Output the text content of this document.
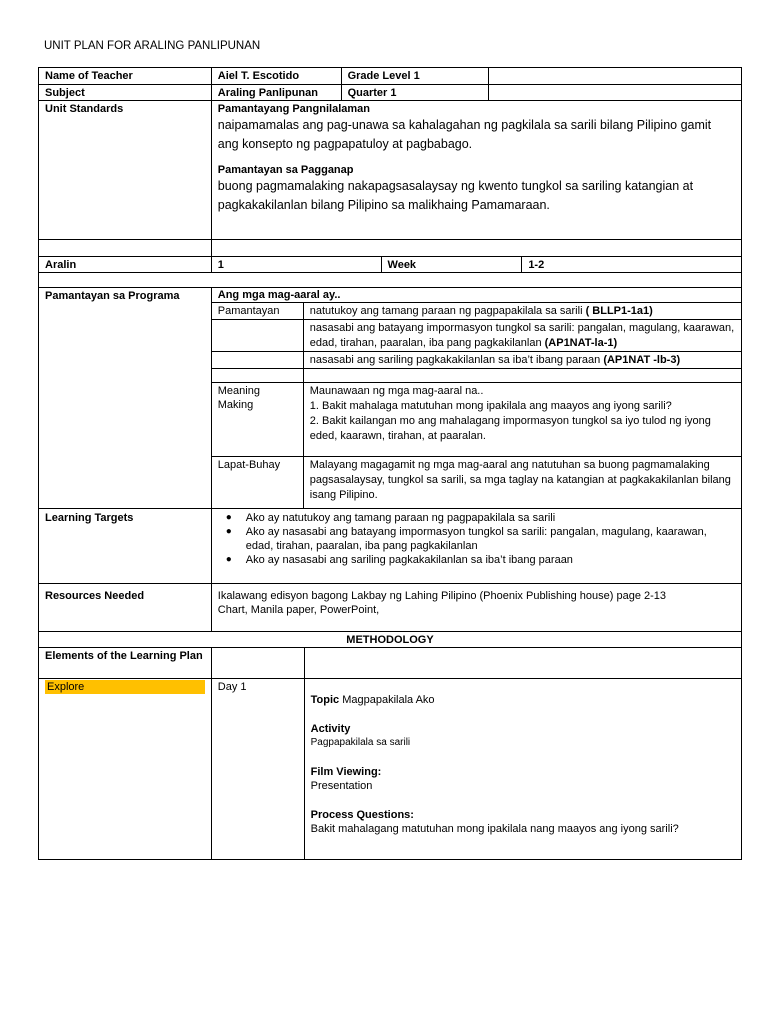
UNIT PLAN FOR ARALING PANLIPUNAN
Name of Teacher	Aiel T. Escotido	Grade Level 1
Subject	Araling Panlipunan	Quarter 1
Unit Standards	Pamantayang Pangnilalaman
naipamamalas ang pag-unawa sa kahalagahan ng pagkilala sa sarili bilang Pilipino gamit ang konsepto ng pagpapatuloy at pagbabago.
Pamantayan sa Pagganap
buong pagmamalaking nakapagsasalaysay ng kwento tungkol sa sariling katangian at pagkakakilanlan bilang Pilipino sa malikhaing Pamamaraan.
Aralin	1	Week	1-2
Pamantayan sa Programa	Ang mga mag-aaral ay..
Pamantayan	natutukoy ang tamang paraan ng pagpapakilala sa sarili ( BLLP1-1a1)
nasasabi ang batayang impormasyon tungkol sa sarili: pangalan, magulang, kaarawan, edad, tirahan, paaralan, iba pang pagkakilanlan (AP1NAT-la-1)
nasasabi ang sariling pagkakakilanlan sa iba’t ibang paraan (AP1NAT -lb-3)
Meaning Making
Maunawaan ng mga mag-aaral na..
1. Bakit mahalaga matutuhan mong ipakilala ang maayos ang iyong sarili?
2. Bakit kailangan mo ang mahalagang impormasyon tungkol sa iyo tulod ng iyong eded, kaarawn, tirahan, at paaralan.
Lapat-Buhay	Malayang magagamit ng mga mag-aaral ang natutuhan sa buong pagmamalaking pagsasalaysay, tungkol sa sarili, sa mga taglay na katangian at pagkakakilanlan bilang isang Pilipino.
Learning Targets
●	Ako ay natutukoy ang tamang paraan ng pagpapakilala sa sarili
● Ako ay nasasabi ang batayang impormasyon tungkol sa sarili: pangalan, magulang, kaarawan, edad, tirahan, paaralan, iba pang pagkakilanlan
● Ako ay nasasabi ang sariling pagkakakilanlan sa iba’t ibang paraan
Resources Needed	Ikalawang edisyon bagong Lakbay ng Lahing Pilipino (Phoenix Publishing house) page 2-13
Chart, Manila paper, PowerPoint,
METHODOLOGY
Elements of the Learning Plan
Explore	Day 1
Topic Magpapakilala Ako
Activity
Pagpapakilala sa sarili
Film Viewing:
Presentation
Process Questions:
Bakit mahalagang matutuhan mong ipakilala nang maayos ang iyong sarili?
